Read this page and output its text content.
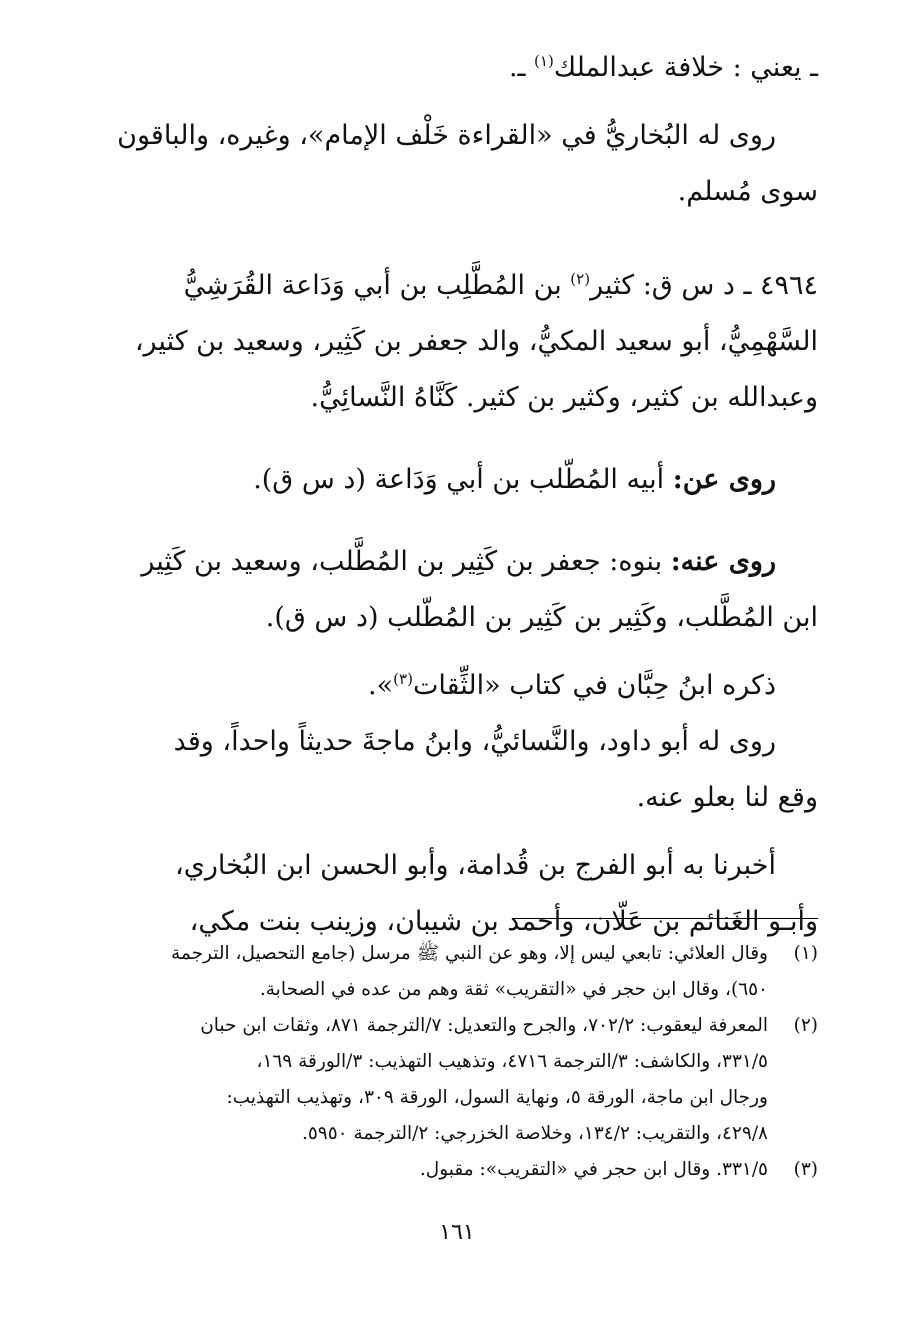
ـ يعني : خلافة عبدالملك$^{(١)}$ ـ.
روى له البُخاريُّ في «القراءة خَلْف الإمام»، وغيره، والباقون
سوى مُسلم.
٤٩٦٤ ـ د س ق: كثير$^{(٢)}$ بن المُطَّلِب بن أبي وَدَاعة القُرَشِيُّ
السَّهْمِيُّ، أبو سعيد المكيُّ، والد جعفر بن كَثِير، وسعيد بن كثير،
وعبدالله بن كثير، وكثير بن كثير. كَنَّاهُ النَّسائِيُّ.
روى عن: أبيه المُطّلب بن أبي وَدَاعة (د س ق).
روى عنه: بنوه: جعفر بن كَثِير بن المُطَّلب، وسعيد بن كَثِير
ابن المُطَّلب، وكَثِير بن كَثِير بن المُطّلب (د س ق).
ذكره ابنُ حِبَّان في كتاب «الثِّقات$^{(٣)}$».
روى له أبو داود، والنَّسائيُّ، وابنُ ماجةَ حديثاً واحداً، وقد
وقع لنا بعلو عنه.
أخبرنا به أبو الفرج بن قُدامة، وأبو الحسن ابن البُخاري،
وأبـو الغَنائم بن عَلّان، وأحمد بن شيبان، وزينب بنت مكي،
(١)وقال العلائي: تابعي ليس إلا، وهو عن النبي ﷺ مرسل (جامع التحصيل، الترجمة
٦٥٠)، وقال ابن حجر في «التقريب» ثقة وهم من عده في الصحابة.
(٢)المعرفة ليعقوب: ٧٠٢/٢، والجرح والتعديل: ٧/الترجمة ٨٧١، وثقات ابن حبان
٣٣١/٥، والكاشف: ٣/الترجمة ٤٧١٦، وتذهيب التهذيب: ٣/الورقة ١٦٩،
ورجال ابن ماجة، الورقة ٥، ونهاية السول، الورقة ٣٠٩، وتهذيب التهذيب:
٤٢٩/٨، والتقريب: ١٣٤/٢، وخلاصة الخزرجي: ٢/الترجمة ٥٩٥٠.
(٣)٣٣١/٥. وقال ابن حجر في «التقريب»: مقبول.
١٦١
